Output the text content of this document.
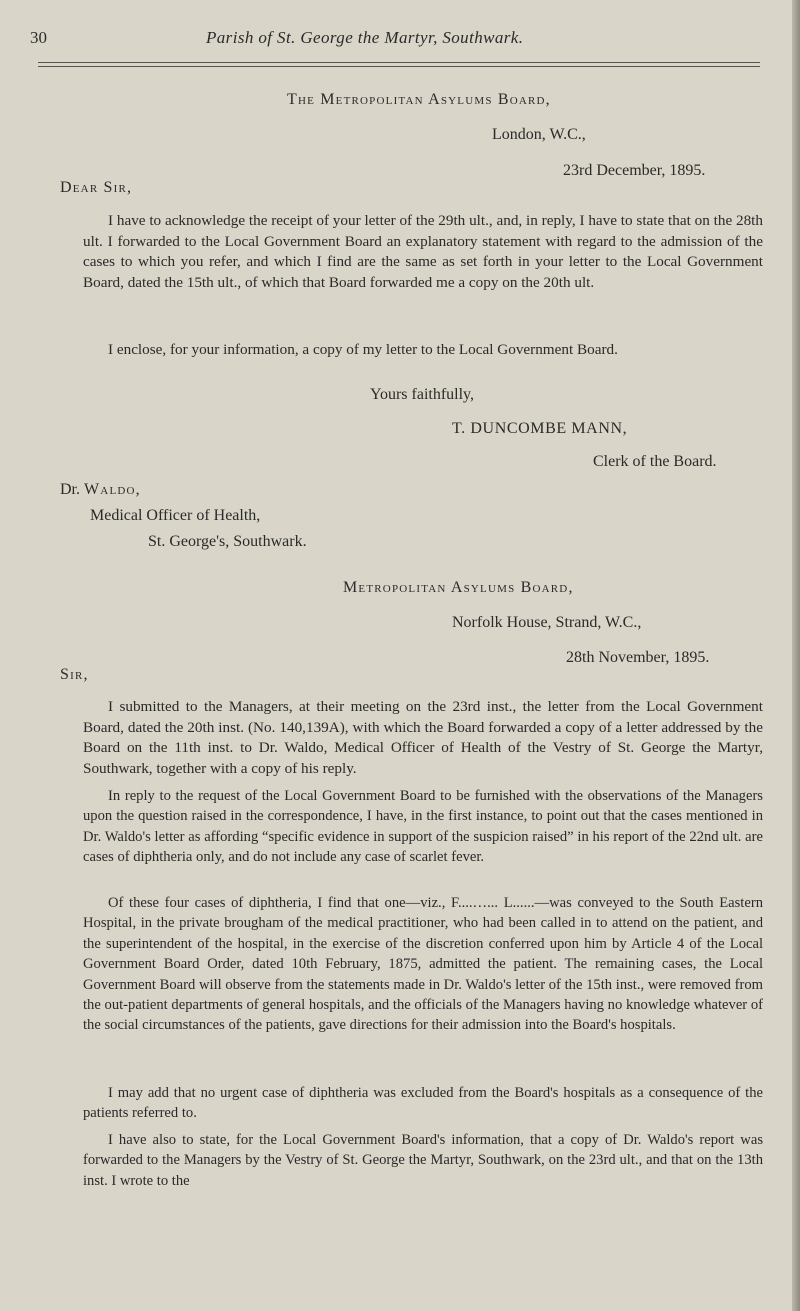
30	Parish of St. George the Martyr, Southwark.
The Metropolitan Asylums Board,
London, W.C.,
23rd December, 1895.
Dear Sir,
I have to acknowledge the receipt of your letter of the 29th ult., and, in reply, I have to state that on the 28th ult. I forwarded to the Local Government Board an explanatory statement with regard to the admission of the cases to which you refer, and which I find are the same as set forth in your letter to the Local Government Board, dated the 15th ult., of which that Board forwarded me a copy on the 20th ult.
I enclose, for your information, a copy of my letter to the Local Government Board.
Yours faithfully,
T. DUNCOMBE MANN,
Clerk of the Board.
Dr. Waldo,
Medical Officer of Health,
St. George's, Southwark.
Metropolitan Asylums Board,
Norfolk House, Strand, W.C.,
28th November, 1895.
Sir,
I submitted to the Managers, at their meeting on the 23rd inst., the letter from the Local Government Board, dated the 20th inst. (No. 140,139A), with which the Board forwarded a copy of a letter addressed by the Board on the 11th inst. to Dr. Waldo, Medical Officer of Health of the Vestry of St. George the Martyr, Southwark, together with a copy of his reply.
In reply to the request of the Local Government Board to be furnished with the observations of the Managers upon the question raised in the correspondence, I have, in the first instance, to point out that the cases mentioned in Dr. Waldo's letter as affording “specific evidence in support of the suspicion raised” in his report of the 22nd ult. are cases of diphtheria only, and do not include any case of scarlet fever.
Of these four cases of diphtheria, I find that one—viz., F....…... L......—was conveyed to the South Eastern Hospital, in the private brougham of the medical practitioner, who had been called in to attend on the patient, and the superintendent of the hospital, in the exercise of the discretion conferred upon him by Article 4 of the Local Government Board Order, dated 10th February, 1875, admitted the patient. The remaining cases, the Local Government Board will observe from the statements made in Dr. Waldo's letter of the 15th inst., were removed from the out-patient departments of general hospitals, and the officials of the Managers having no knowledge whatever of the social circumstances of the patients, gave directions for their admission into the Board's hospitals.
I may add that no urgent case of diphtheria was excluded from the Board's hospitals as a consequence of the patients referred to.
I have also to state, for the Local Government Board's information, that a copy of Dr. Waldo's report was forwarded to the Managers by the Vestry of St. George the Martyr, Southwark, on the 23rd ult., and that on the 13th inst. I wrote to the
